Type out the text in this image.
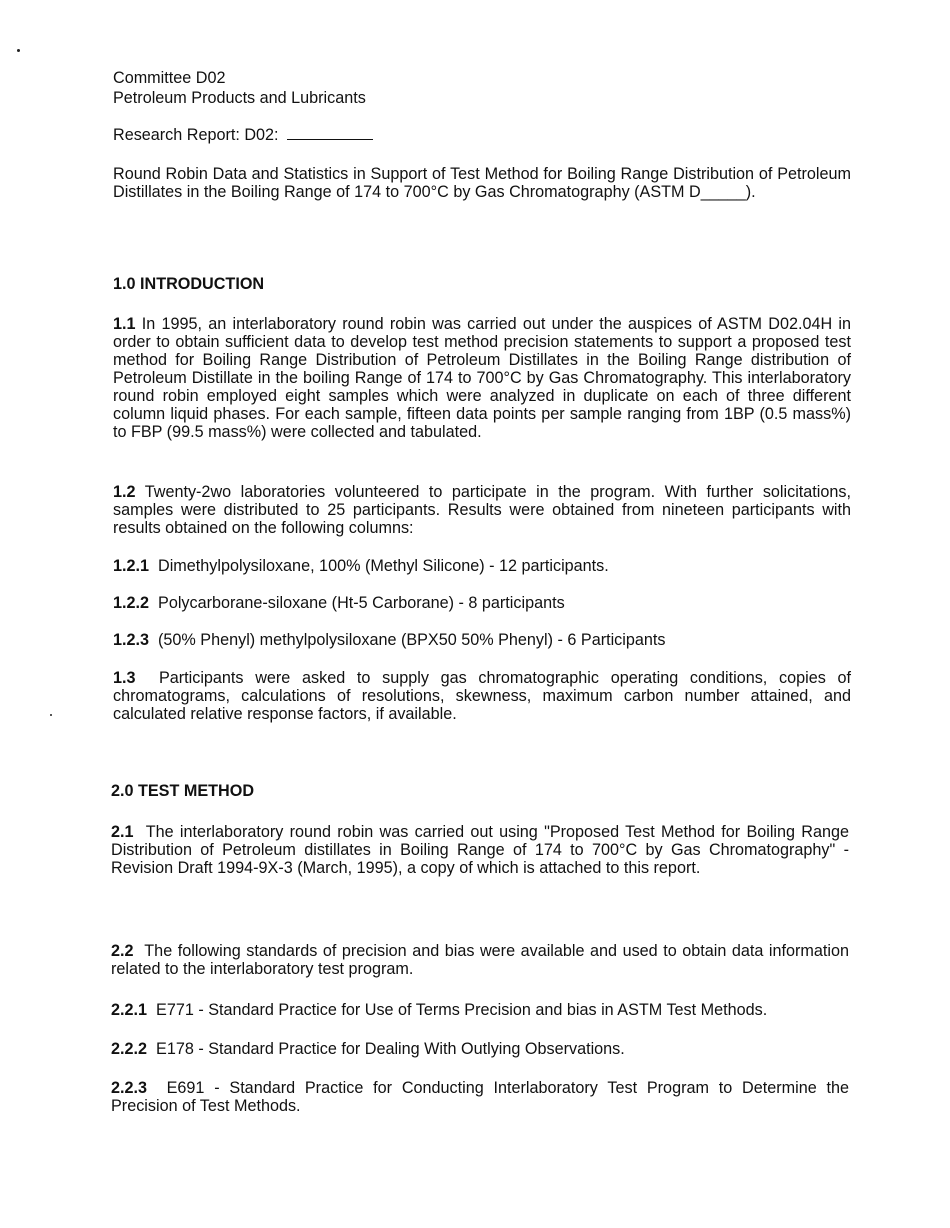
Committee D02

Petroleum Products and Lubricants

Research Report: D02:

Round Robin Data and Statistics in Support of Test Method for Boiling Range Distribution of Petroleum Distillates in the Boiling Range of 174 to 700°C by Gas Chromatography (ASTM D_____).

1.0 INTRODUCTION

1.1 In 1995, an interlaboratory round robin was carried out under the auspices of ASTM D02.04H in order to obtain sufficient data to develop test method precision statements to support a proposed test method for Boiling Range Distribution of Petroleum Distillates in the Boiling Range distribution of Petroleum Distillate in the boiling Range of 174 to 700°C by Gas Chromatography. This interlaboratory round robin employed eight samples which were analyzed in duplicate on each of three different column liquid phases. For each sample, fifteen data points per sample ranging from 1BP (0.5 mass%) to FBP (99.5 mass%) were collected and tabulated.

1.2 Twenty-2wo laboratories volunteered to participate in the program. With further solicitations, samples were distributed to 25 participants. Results were obtained from nineteen participants with results obtained on the following columns:

1.2.1 Dimethylpolysiloxane, 100% (Methyl Silicone) - 12 participants.

1.2.2 Polycarborane-siloxane (Ht-5 Carborane) - 8 participants

1.2.3 (50% Phenyl) methylpolysiloxane (BPX50 50% Phenyl) - 6 Participants

1.3 Participants were asked to supply gas chromatographic operating conditions, copies of chromatograms, calculations of resolutions, skewness, maximum carbon number attained, and calculated relative response factors, if available.

2.0 TEST METHOD

2.1 The interlaboratory round robin was carried out using "Proposed Test Method for Boiling Range Distribution of Petroleum distillates in Boiling Range of 174 to 700°C by Gas Chromatography" - Revision Draft 1994-9X-3 (March, 1995), a copy of which is attached to this report.

2.2 The following standards of precision and bias were available and used to obtain data information related to the interlaboratory test program.

2.2.1 E771 - Standard Practice for Use of Terms Precision and bias in ASTM Test Methods.

2.2.2 E178 - Standard Practice for Dealing With Outlying Observations.

2.2.3 E691 - Standard Practice for Conducting Interlaboratory Test Program to Determine the Precision of Test Methods.
